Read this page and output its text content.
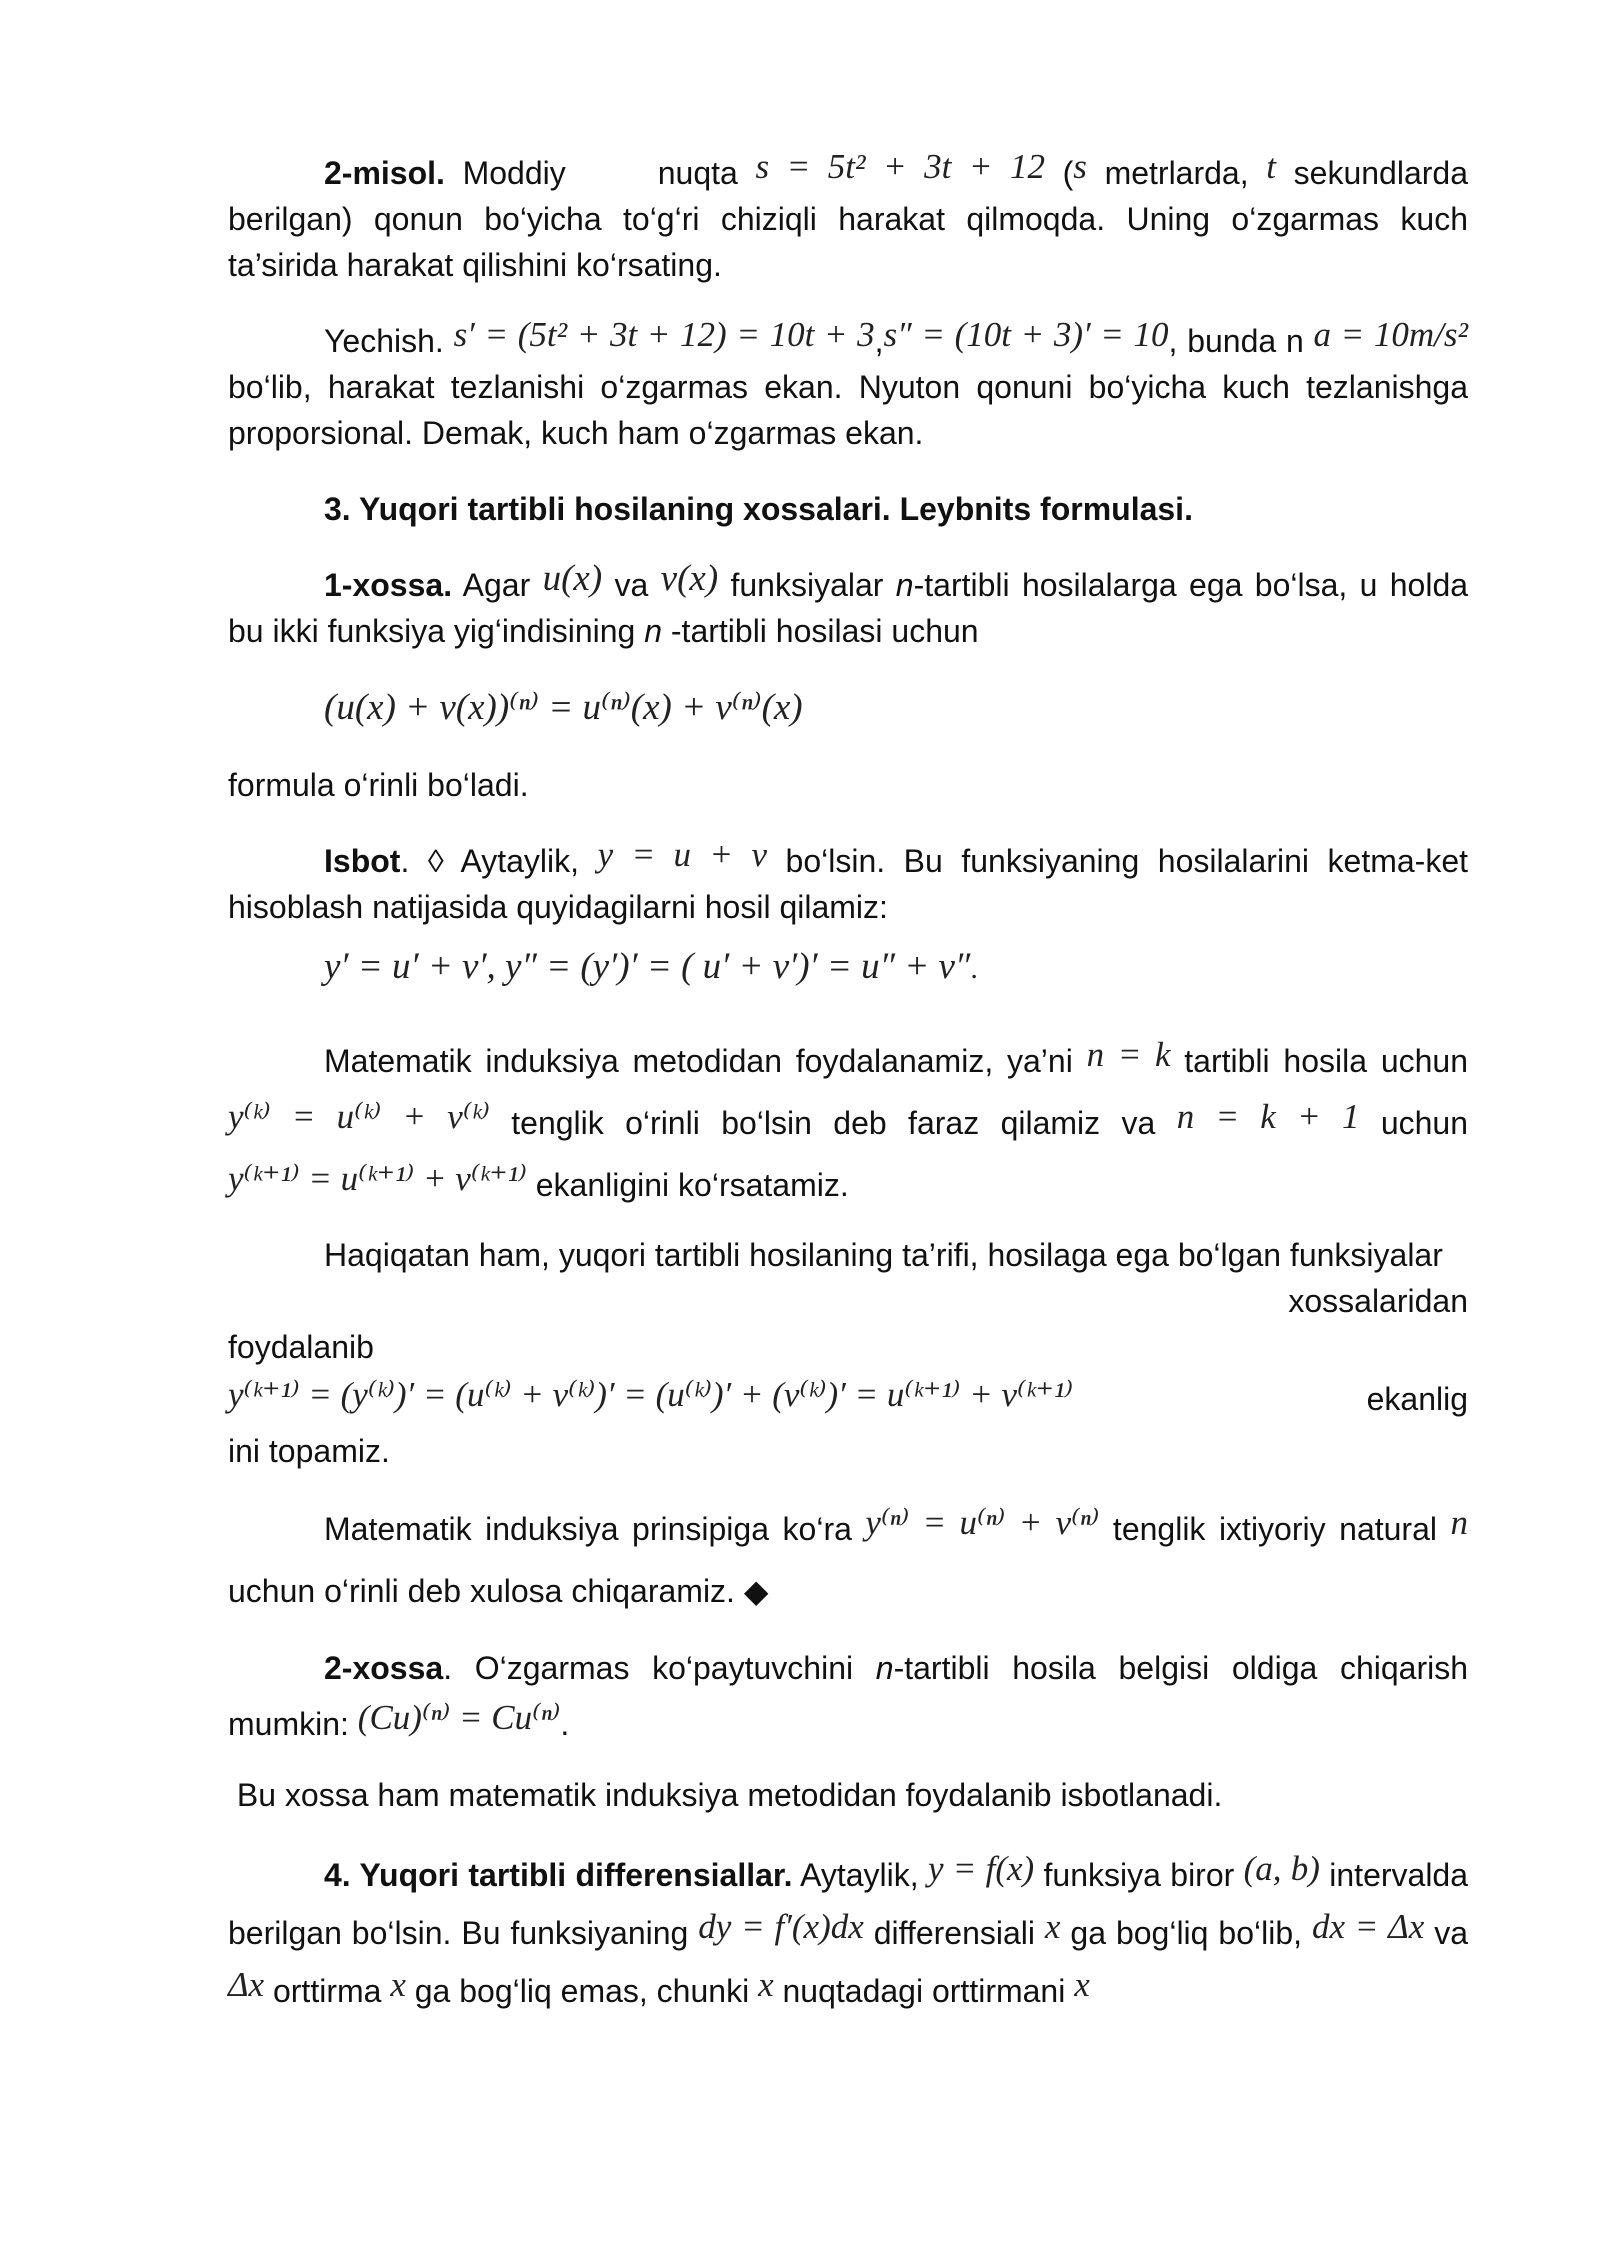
2-misol. Moddiy	nuqta s = 5t² + 3t + 12 (s metrlarda, t sekundlarda berilgan) qonun bo‘yicha to‘g‘ri chiziqli harakat qilmoqda. Uning o‘zgarmas kuch ta’sirida harakat qilishini ko‘rsating.

Yechish. s′ = (5t² + 3t + 12) = 10t + 3,s″ = (10t + 3)′ = 10, bunda n a = 10m/s² bo‘lib, harakat tezlanishi o‘zgarmas ekan. Nyuton qonuni bo‘yicha kuch tezlanishga proporsional. Demak, kuch ham o‘zgarmas ekan.

3. Yuqori tartibli hosilaning xossalari. Leybnits formulasi.

1-xossa. Agar u(x) va v(x) funksiyalar n-tartibli hosilalarga ega bo‘lsa, u holda bu ikki funksiya yig‘indisining n -tartibli hosilasi uchun

(u(x) + v(x))⁽ⁿ⁾ = u⁽ⁿ⁾(x) + v⁽ⁿ⁾(x)

formula o‘rinli bo‘ladi.

Isbot. ◊ Aytaylik, y = u + v bo‘lsin. Bu funksiyaning hosilalarini ketma-ket hisoblash natijasida quyidagilarni hosil qilamiz:

y′ = u′ + v′, y″ = (y′)′ = ( u′ + v′)′ = u″ + v″.

Matematik induksiya metodidan foydalanamiz, ya’ni n = k tartibli hosila uchun y⁽ᵏ⁾ = u⁽ᵏ⁾ + v⁽ᵏ⁾ tenglik o‘rinli bo‘lsin deb faraz qilamiz va n = k + 1 uchun y⁽ᵏ⁺¹⁾ = u⁽ᵏ⁺¹⁾ + v⁽ᵏ⁺¹⁾ ekanligini ko‘rsatamiz.

Haqiqatan ham, yuqori tartibli hosilaning ta’rifi, hosilaga ega bo‘lgan funksiyalar

xossalaridan
foydalanib
y⁽ᵏ⁺¹⁾ = (y⁽ᵏ⁾)′ = (u⁽ᵏ⁾ + v⁽ᵏ⁾)′ = (u⁽ᵏ⁾)′ + (v⁽ᵏ⁾)′ = u⁽ᵏ⁺¹⁾ + v⁽ᵏ⁺¹⁾	ekanlig
ini topamiz.

Matematik induksiya prinsipiga ko‘ra y⁽ⁿ⁾ = u⁽ⁿ⁾ + v⁽ⁿ⁾ tenglik ixtiyoriy natural n uchun o‘rinli deb xulosa chiqaramiz. ◆

2-xossa. O‘zgarmas ko‘paytuvchini n-tartibli hosila belgisi oldiga chiqarish mumkin: (Cu)⁽ⁿ⁾ = Cu⁽ⁿ⁾.

Bu xossa ham matematik induksiya metodidan foydalanib isbotlanadi.

4. Yuqori tartibli differensiallar. Aytaylik, y = f(x) funksiya biror (a, b) intervalda berilgan bo‘lsin. Bu funksiyaning dy = f′(x)dx differensiali x ga bog‘liq bo‘lib, dx = Δx va Δx orttirma x ga bog‘liq emas, chunki x nuqtadagi orttirmani x
